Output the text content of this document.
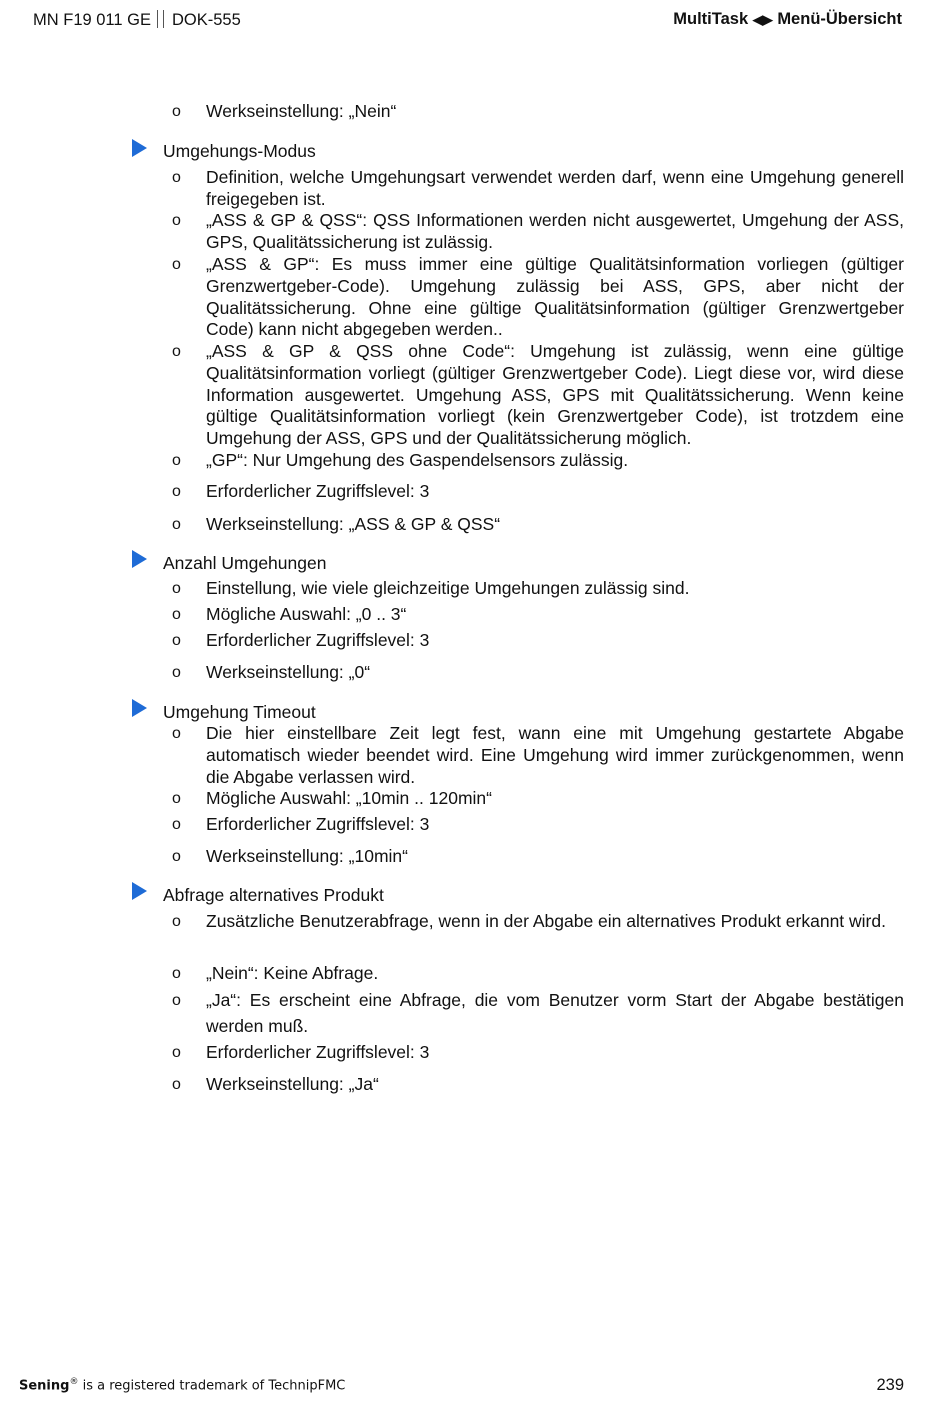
MN F19 011 GE DOK-555	MultiTask ◀▶ Menü-Übersicht
o Werkseinstellung: „Nein“
Umgehungs-Modus
o Definition, welche Umgehungsart verwendet werden darf, wenn eine Umgehung generell freigegeben ist.
o „ASS & GP & QSS“: QSS Informationen werden nicht ausgewertet, Umgehung der ASS, GPS, Qualitätssicherung ist zulässig.
o „ASS & GP“: Es muss immer eine gültige Qualitätsinformation vorliegen (gültiger Grenzwertgeber-Code). Umgehung zulässig bei ASS, GPS, aber nicht der Qualitätssicherung. Ohne eine gültige Qualitätsinformation (gültiger Grenzwertgeber Code) kann nicht abgegeben werden..
o „ASS & GP & QSS ohne Code“: Umgehung ist zulässig, wenn eine gültige Qualitätsinformation vorliegt (gültiger Grenzwertgeber Code). Liegt diese vor, wird diese Information ausgewertet. Umgehung ASS, GPS mit Qualitätssicherung. Wenn keine gültige Qualitätsinformation vorliegt (kein Grenzwertgeber Code), ist trotzdem eine Umgehung der ASS, GPS und der Qualitätssicherung möglich.
o „GP“: Nur Umgehung des Gaspendelsensors zulässig.
o Erforderlicher Zugriffslevel: 3
o Werkseinstellung: „ASS & GP & QSS“
Anzahl Umgehungen
o Einstellung, wie viele gleichzeitige Umgehungen zulässig sind.
o Mögliche Auswahl: „0 .. 3“
o Erforderlicher Zugriffslevel: 3
o Werkseinstellung: „0“
Umgehung Timeout
o Die hier einstellbare Zeit legt fest, wann eine mit Umgehung gestartete Abgabe automatisch wieder beendet wird. Eine Umgehung wird immer zurückgenommen, wenn die Abgabe verlassen wird.
o Mögliche Auswahl: „10min .. 120min“
o Erforderlicher Zugriffslevel: 3
o Werkseinstellung: „10min“
Abfrage alternatives Produkt
o Zusätzliche Benutzerabfrage, wenn in der Abgabe ein alternatives Produkt erkannt wird.
o „Nein“: Keine Abfrage.
o „Ja“: Es erscheint eine Abfrage, die vom Benutzer vorm Start der Abgabe bestätigen werden muß.
o Erforderlicher Zugriffslevel: 3
o Werkseinstellung: „Ja“
Sening® is a registered trademark of TechnipFMC	239
